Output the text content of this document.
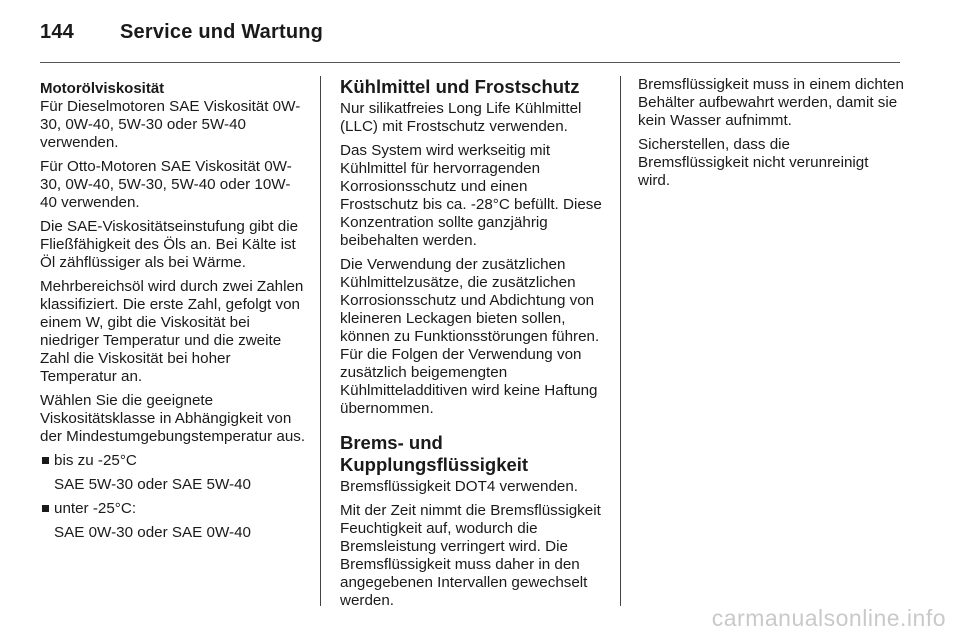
144	Service und Wartung
Motorölviskosität

Für Dieselmotoren SAE Viskosität 0W-30, 0W-40, 5W-30 oder 5W-40 verwenden.

Für Otto-Motoren SAE Viskosität 0W-30, 0W-40, 5W-30, 5W-40 oder 10W-40 verwenden.

Die SAE-Viskositätseinstufung gibt die Fließfähigkeit des Öls an. Bei Kälte ist Öl zähflüssiger als bei Wärme.

Mehrbereichsöl wird durch zwei Zahlen klassifiziert. Die erste Zahl, gefolgt von einem W, gibt die Viskosität bei niedriger Temperatur und die zweite Zahl die Viskosität bei hoher Temperatur an.

Wählen Sie die geeignete Viskositätsklasse in Abhängigkeit von der Mindestumgebungstemperatur aus.

bis zu -25°C
SAE 5W-30 oder SAE 5W-40
unter -25°C:
SAE 0W-30 oder SAE 0W-40
Kühlmittel und Frostschutz

Nur silikatfreies Long Life Kühlmittel (LLC) mit Frostschutz verwenden.

Das System wird werkseitig mit Kühlmittel für hervorragenden Korrosionsschutz und einen Frostschutz bis ca. -28°C befüllt. Diese Konzentration sollte ganzjährig beibehalten werden.

Die Verwendung der zusätzlichen Kühlmittelzusätze, die zusätzlichen Korrosionsschutz und Abdichtung von kleineren Leckagen bieten sollen, können zu Funktionsstörungen führen. Für die Folgen der Verwendung von zusätzlich beigemengten Kühlmitteladditiven wird keine Haftung übernommen.

Brems- und
Kupplungsflüssigkeit

Bremsflüssigkeit DOT4 verwenden.

Mit der Zeit nimmt die Bremsflüssigkeit Feuchtigkeit auf, wodurch die Bremsleistung verringert wird. Die Bremsflüssigkeit muss daher in den angegebenen Intervallen gewechselt werden.

Bremsflüssigkeit muss in einem dichten Behälter aufbewahrt werden, damit sie kein Wasser aufnimmt.

Sicherstellen, dass die Bremsflüssigkeit nicht verunreinigt wird.

carmanualsonline.info
